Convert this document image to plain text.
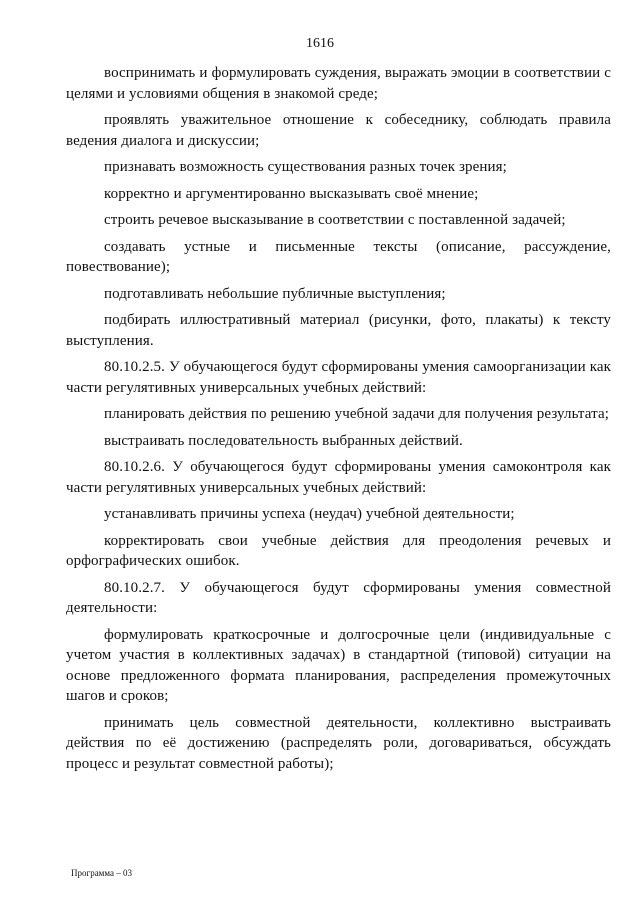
1616

воспринимать и формулировать суждения, выражать эмоции в соответствии с целями и условиями общения в знакомой среде;

проявлять уважительное отношение к собеседнику, соблюдать правила ведения диалога и дискуссии;

признавать возможность существования разных точек зрения;

корректно и аргументированно высказывать своё мнение;

строить речевое высказывание в соответствии с поставленной задачей;

создавать устные и письменные тексты (описание, рассуждение, повествование);

подготавливать небольшие публичные выступления;

подбирать иллюстративный материал (рисунки, фото, плакаты) к тексту выступления.

80.10.2.5. У обучающегося будут сформированы умения самоорганизации как части регулятивных универсальных учебных действий:

планировать действия по решению учебной задачи для получения результата;

выстраивать последовательность выбранных действий.

80.10.2.6. У обучающегося будут сформированы умения самоконтроля как части регулятивных универсальных учебных действий:

устанавливать причины успеха (неудач) учебной деятельности;

корректировать свои учебные действия для преодоления речевых и орфографических ошибок.

80.10.2.7. У обучающегося будут сформированы умения совместной деятельности:

формулировать краткосрочные и долгосрочные цели (индивидуальные с учетом участия в коллективных задачах) в стандартной (типовой) ситуации на основе предложенного формата планирования, распределения промежуточных шагов и сроков;

принимать цель совместной деятельности, коллективно выстраивать действия по её достижению (распределять роли, договариваться, обсуждать процесс и результат совместной работы);

Программа – 03
